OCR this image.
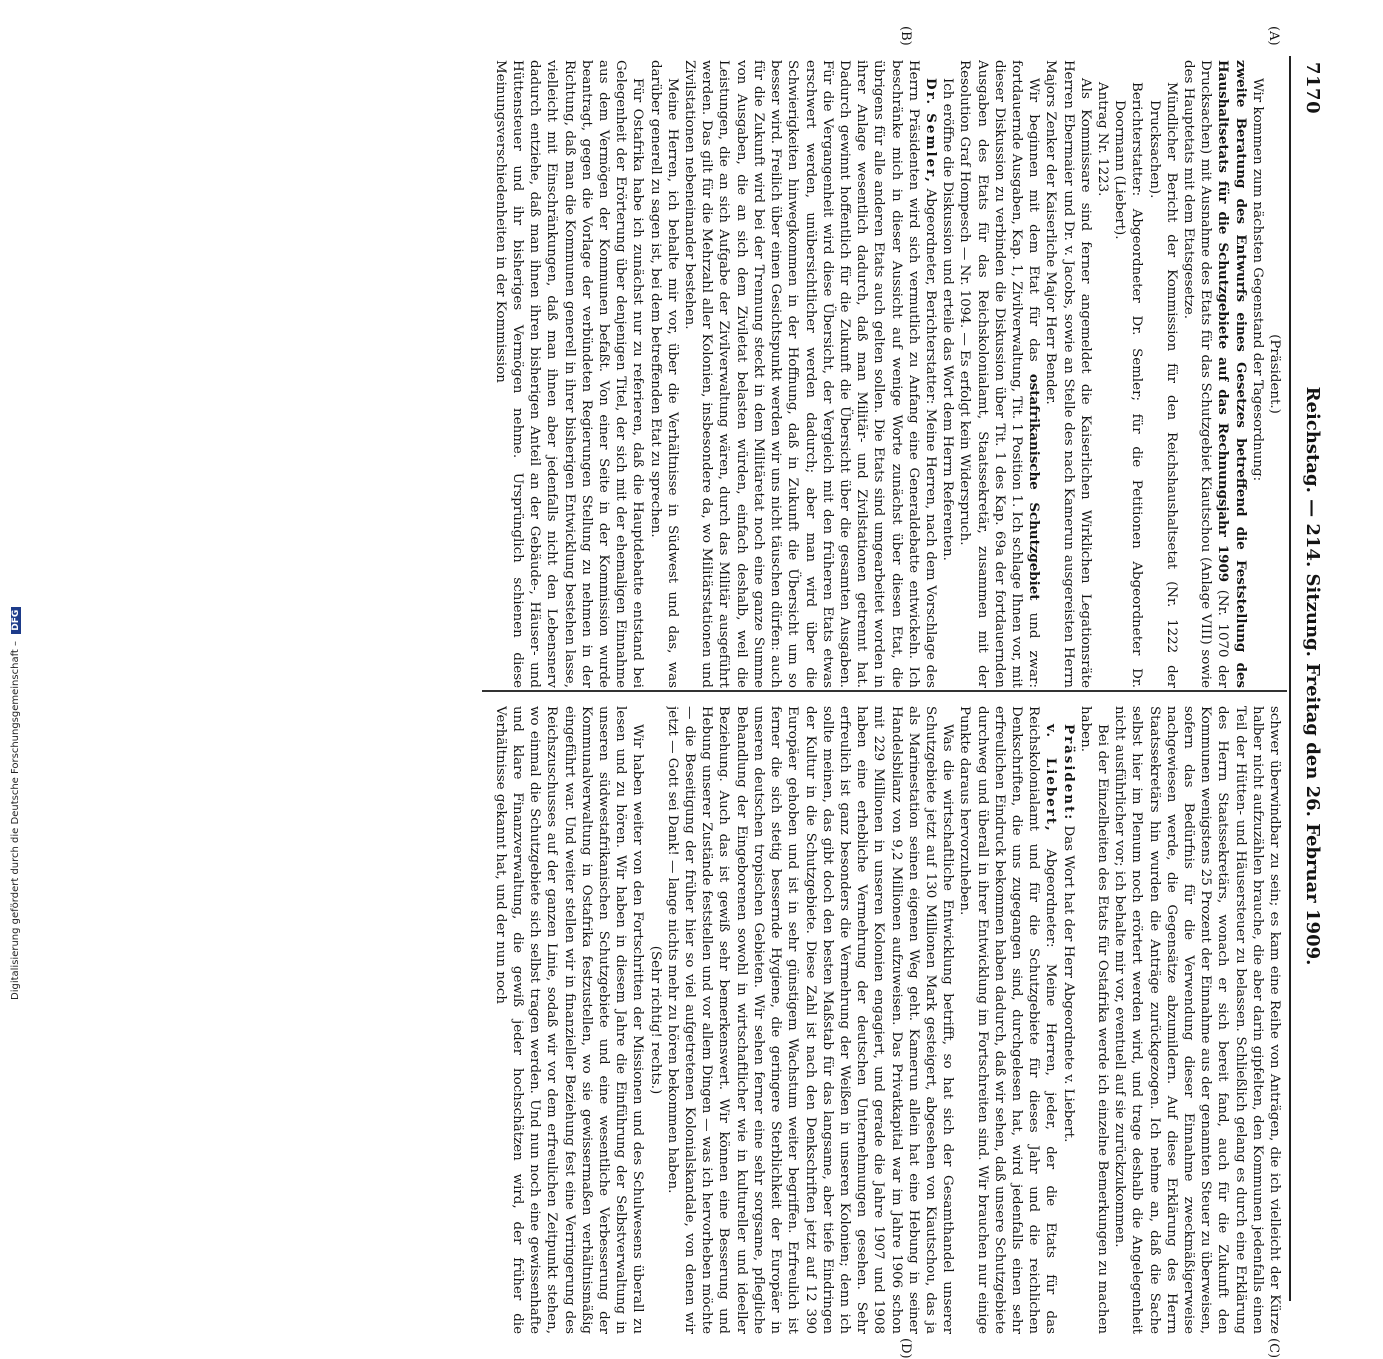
7170
Reichstag. — 214. Sitzung. Freitag den 26. Februar 1909.

(Präsident.)

Wir kommen zum nächsten Gegenstand der Tagesordnung:

zweite Beratung des Entwurfs eines Gesetzes betreffend die Feststellung des Haushaltsetats für die Schutzgebiete auf das Rechnungsjahr 1909 (Nr. 1070 der Drucksachen) mit Ausnahme des Etats für das Schutzgebiet Kiautschou (Anlage VIII) sowie des Hauptetats mit dem Etatsgesetze.

Mündlicher Bericht der Kommission für den Reichshaushaltsetat (Nr. 1222 der Drucksachen).

Berichterstatter: Abgeordneter Dr. Semler; für die Petitionen Abgeordneter Dr. Doormann (Liebert).

Antrag Nr. 1223.

Als Kommissare sind ferner angemeldet die Kaiserlichen Wirklichen Legationsräte Herren Ebermaier und Dr. v. Jacobs, sowie an Stelle des nach Kamerun ausgereisten Herrn Majors Zenker der Kaiserliche Major Herr Bender.

Wir beginnen mit dem Etat für das ostafrikanische Schutzgebiet und zwar: fortdauernde Ausgaben, Kap. 1, Zivilverwaltung, Tit. 1 Position 1. Ich schlage Ihnen vor, mit dieser Diskussion zu verbinden die Diskussion über Tit. 1 des Kap. 69a der fortdauernden Ausgaben des Etats für das Reichskolonialamt, Staatssekretär, zusammen mit der Resolution Graf Hompesch — Nr. 1094. — Es erfolgt kein Widerspruch.

Ich eröffne die Diskussion und erteile das Wort dem Herrn Referenten.

Dr. Semler, Abgeordneter, Berichterstatter: Meine Herren, nach dem Vorschlage des Herrn Präsidenten wird sich vermutlich zu Anfang eine Generaldebatte entwickeln. Ich beschränke mich in dieser Aussicht auf wenige Worte zunächst über diesen Etat, die übrigens für alle anderen Etats auch gelten sollen. Die Etats sind umgearbeitet worden in ihrer Anlage wesentlich dadurch, daß man Militär- und Zivilstationen getrennt hat. Dadurch gewinnt hoffentlich für die Zukunft die Übersicht über die gesamten Ausgaben. Für die Vergangenheit wird diese Übersicht, der Vergleich mit den früheren Etats etwas erschwert werden, unübersichtlicher werden dadurch; aber man wird über die Schwierigkeiten hinwegkommen in der Hoffnung, daß in Zukunft die Übersicht um so besser wird. Freilich über einen Gesichtspunkt werden wir uns nicht täuschen dürfen: auch für die Zukunft wird bei der Trennung steckt in dem Militäretat noch eine ganze Summe von Ausgaben, die an sich dem Ziviletat belasten würden, einfach deshalb, weil die Leistungen, die an sich Aufgabe der Zivilverwaltung wären, durch das Militär ausgeführt werden. Das gilt für die Mehrzahl aller Kolonien, insbesondere da, wo Militärstationen und Zivilstationen nebeneinander bestehen.

Meine Herren, ich behalte mir vor, über die Verhältnisse in Südwest und das, was darüber generell zu sagen ist, bei dem betreffenden Etat zu sprechen.

Für Ostafrika habe ich zunächst nur zu referieren, daß die Hauptdebatte entstand bei Gelegenheit der Erörterung über denjenigen Titel, der sich mit der ehemaligen Einnahme aus dem Vermögen der Kommunen befaßt. Von einer Seite in der Kommission wurde beantragt, gegen die Vorlage der verbündeten Regierungen Stellung zu nehmen in der Richtung, daß man die Kommunen generell in ihrer bisherigen Entwicklung bestehen lasse, vielleicht mit Einschränkungen, daß man ihnen aber jedenfalls nicht den Lebensnerv dadurch entziehe, daß man ihnen ihren bisherigen Anteil an der Gebäude-, Häuser- und Hüttensteuer und ihr bisheriges Vermögen nehme. Ursprünglich schienen diese Meinungsverschiedenheiten in der Kommission

schwer überwindbar zu sein; es kam eine Reihe von Anträgen, die ich vielleicht der Kürze halber nicht aufzuzählen brauche, die aber darin gipfelten, den Kommunen jedenfalls einen Teil der Hütten- und Häusersteuer zu belassen. Schließlich gelang es durch eine Erklärung des Herrn Staatssekretärs, wonach er sich bereit fand, auch für die Zukunft den Kommunen wenigstens 25 Prozent der Einnahme aus der genannten Steuer zu überweisen, sofern das Bedürfnis für die Verwendung dieser Einnahme zweckmäßigerweise nachgewiesen werde, die Gegensätze abzumildern. Auf diese Erklärung des Herrn Staatssekretärs hin wurden die Anträge zurückgezogen. Ich nehme an, daß die Sache selbst hier im Plenum noch erörtert werden wird, und trage deshalb die Angelegenheit nicht ausführlicher vor; ich behalte mir vor, eventuell auf sie zurückzukommen.

Bei der Einzelheiten des Etats für Ostafrika werde ich einzelne Bemerkungen zu machen haben.

Präsident: Das Wort hat der Herr Abgeordnete v. Liebert.

v. Liebert, Abgeordneter: Meine Herren, jeder, der die Etats für das Reichskolonialamt und für die Schutzgebiete für dieses Jahr und die reichlichen Denkschriften, die uns zugegangen sind, durchgelesen hat, wird jedenfalls einen sehr erfreulichen Eindruck bekommen haben dadurch, daß wir sehen, daß unsere Schutzgebiete durchweg und überall in ihrer Entwicklung im Fortschreiten sind. Wir brauchen nur einige Punkte daraus hervorzuheben.

Was die wirtschaftliche Entwicklung betrifft, so hat sich der Gesamthandel unserer Schutzgebiete jetzt auf 130 Millionen Mark gesteigert, abgesehen von Kiautschou, das ja als Marinestation seinen eigenen Weg geht. Kamerun allein hat eine Hebung in seiner Handelsbilanz von 9,2 Millionen aufzuweisen. Das Privatkapital war im Jahre 1906 schon mit 229 Millionen in unseren Kolonien engagiert, und gerade die Jahre 1907 und 1908 haben eine erhebliche Vermehrung der deutschen Unternehmungen gesehen. Sehr erfreulich ist ganz besonders die Vermehrung der Weißen in unseren Kolonien; denn ich sollte meinen, das gibt doch den besten Maßstab für das langsame, aber tiefe Eindringen der Kultur in die Schutzgebiete. Diese Zahl ist nach den Denkschriften jetzt auf 12 390 Europäer gehoben und ist in sehr günstigem Wachstum weiter begriffen. Erfreulich ist ferner die sich stetig bessernde Hygiene, die geringere Sterblichkeit der Europäer in unseren deutschen tropischen Gebieten. Wir sehen ferner eine sehr sorgsame, pflegliche Behandlung der Eingeborenen sowohl in wirtschaftlicher wie in kultureller und ideeller Beziehung. Auch das ist gewiß sehr bemerkenswert. Wir können eine Besserung und Hebung unserer Zustände feststellen und vor allem Dingen — was ich hervorheben möchte — die Beseitigung der früher hier so viel aufgetretenen Kolonialskandale, von denen wir jetzt — Gott sei Dank! — lange nichts mehr zu hören bekommen haben.

(Sehr richtig! rechts.)

Wir haben weiter von den Fortschritten der Missionen und des Schulwesens überall zu lesen und zu hören. Wir haben in diesem Jahre die Einführung der Selbstverwaltung in unseren südwestafrikanischen Schutzgebiete und eine wesentliche Verbesserung der Kommunalverwaltung in Ostafrika festzustellen, wo sie gewissermaßen verhältnismäßig eingeführt war. Und weiter stellen wir in finanzieller Beziehung fest eine Verringerung des Reichszuschusses auf der ganzen Linie, sodaß wir vor dem erfreulichen Zeitpunkt stehen, wo einmal die Schutzgebiete sich selbst tragen werden. Und nun noch eine gewissenhafte und klare Finanzverwaltung, die gewiß jeder hochschätzen wird, der früher die Verhältnisse gekannt hat, und der nun noch

(A)
(B)
(C)
(D)
Digitalisierung gefördert durch die Deutsche Forschungsgemeinschaft – DFG
